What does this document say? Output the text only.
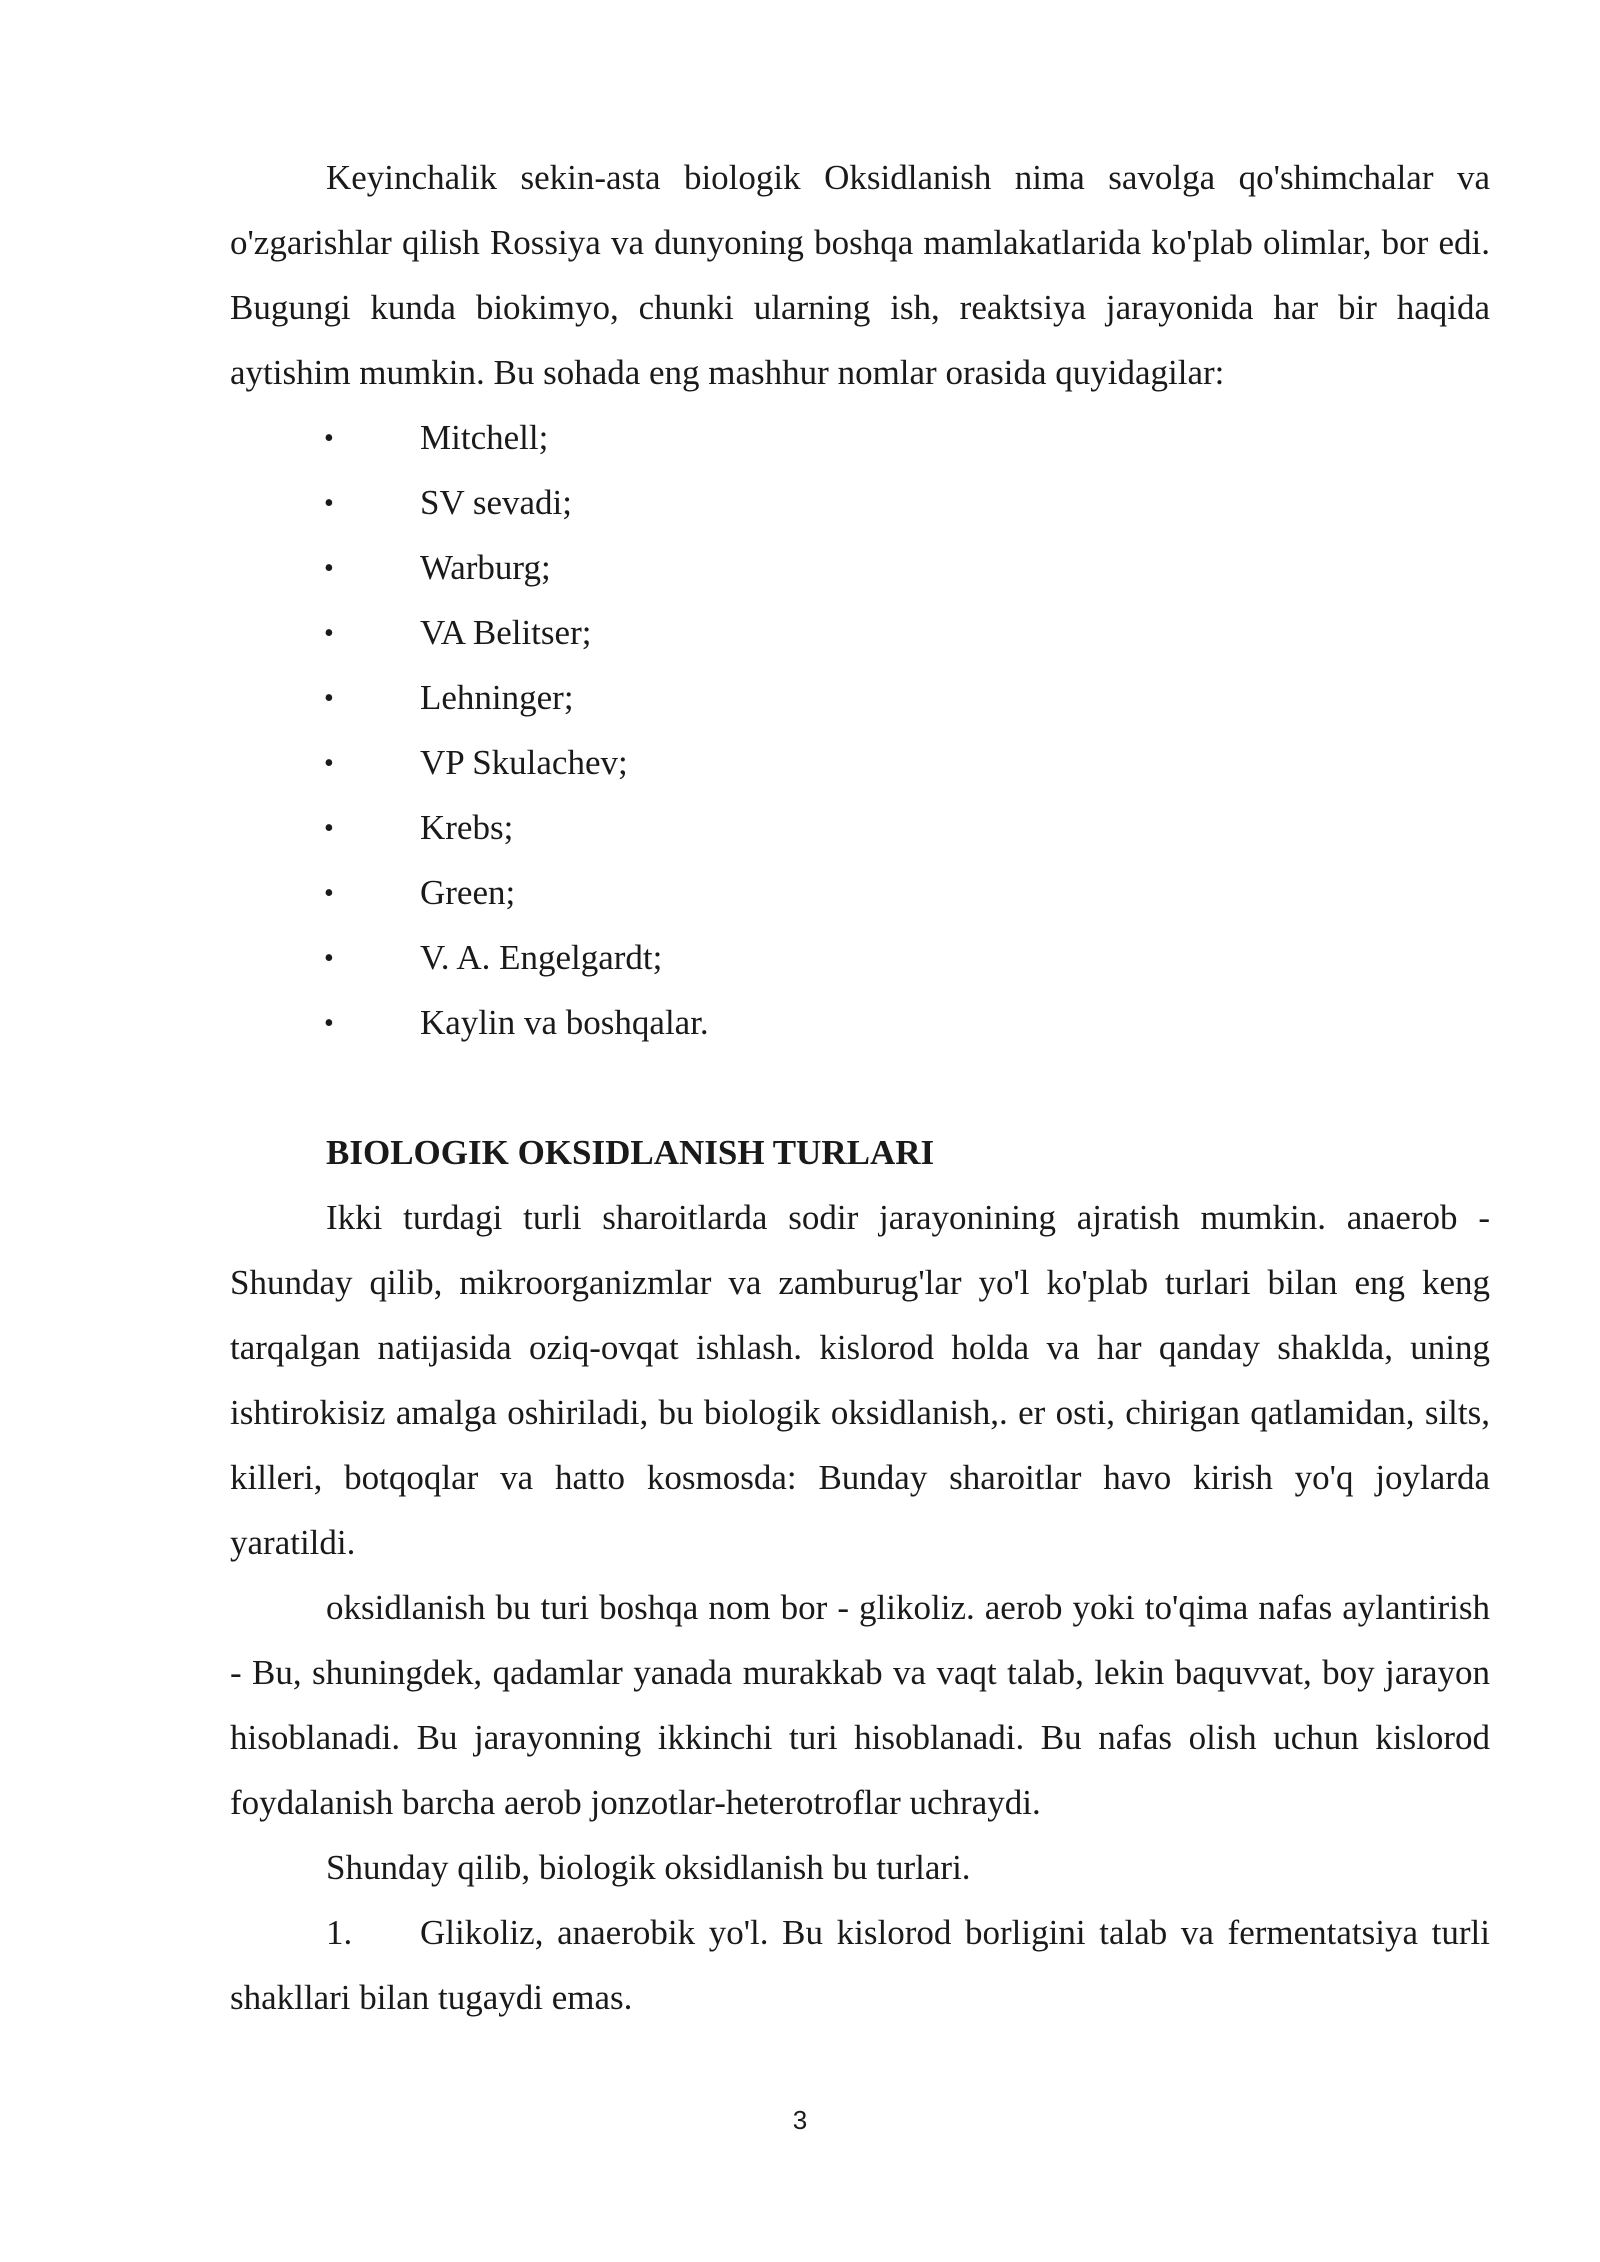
Keyinchalik sekin-asta biologik Oksidlanish nima savolga qo'shimchalar va o'zgarishlar qilish Rossiya va dunyoning boshqa mamlakatlarida ko'plab olimlar, bor edi. Bugungi kunda biokimyo, chunki ularning ish, reaktsiya jarayonida har bir haqida aytishim mumkin. Bu sohada eng mashhur nomlar orasida quyidagilar:

• Mitchell;
• SV sevadi;
• Warburg;
• VA Belitser;
• Lehninger;
• VP Skulachev;
• Krebs;
• Green;
• V. A. Engelgardt;
• Kaylin va boshqalar.
BIOLOGIK OKSIDLANISH TURLARI

Ikki turdagi turli sharoitlarda sodir jarayonining ajratish mumkin. anaerob - Shunday qilib, mikroorganizmlar va zamburug'lar yo'l ko'plab turlari bilan eng keng tarqalgan natijasida oziq-ovqat ishlash. kislorod holda va har qanday shaklda, uning ishtirokisiz amalga oshiriladi, bu biologik oksidlanish,. er osti, chirigan qatlamidan, silts, killeri, botqoqlar va hatto kosmosda: Bunday sharoitlar havo kirish yo'q joylarda yaratildi.

oksidlanish bu turi boshqa nom bor - glikoliz. aerob yoki to'qima nafas aylantirish - Bu, shuningdek, qadamlar yanada murakkab va vaqt talab, lekin baquvvat, boy jarayon hisoblanadi. Bu jarayonning ikkinchi turi hisoblanadi. Bu nafas olish uchun kislorod foydalanish barcha aerob jonzotlar-heterotroflar uchraydi.

Shunday qilib, biologik oksidlanish bu turlari.

1. Glikoliz, anaerobik yo'l. Bu kislorod borligini talab va fermentatsiya turli shakllari bilan tugaydi emas.

3
